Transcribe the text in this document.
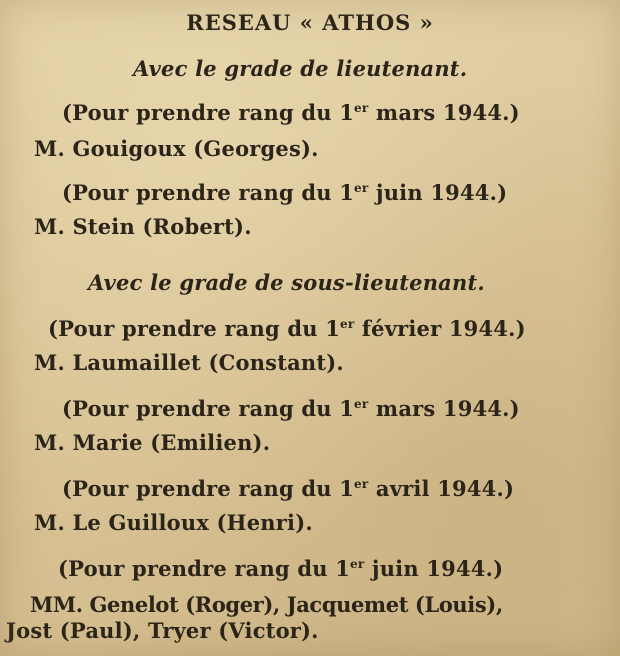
RESEAU « ATHOS »
Avec le grade de lieutenant.
(Pour prendre rang du 1er mars 1944.)
M. Gouigoux (Georges).
(Pour prendre rang du 1er juin 1944.)
M. Stein (Robert).
Avec le grade de sous-lieutenant.
(Pour prendre rang du 1er février 1944.)
M. Laumaillet (Constant).
(Pour prendre rang du 1er mars 1944.)
M. Marie (Emilien).
(Pour prendre rang du 1er avril 1944.)
M. Le Guilloux (Henri).
(Pour prendre rang du 1er juin 1944.)
MM. Genelot (Roger), Jacquemet (Louis),
Jost (Paul), Tryer (Victor).
